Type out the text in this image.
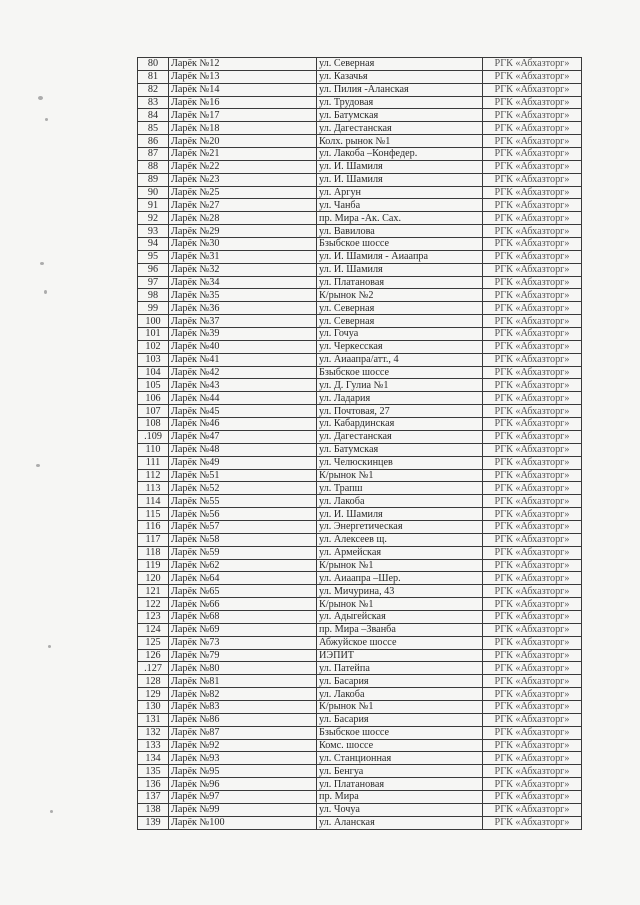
80	Ларёк №12	ул. Северная	РГК «Абхазторг»
81	Ларёк №13	ул. Казачья	РГК «Абхазторг»
82	Ларёк №14	ул. Пилия -Аланская	РГК «Абхазторг»
83	Ларёк №16	ул. Трудовая	РГК «Абхазторг»
84	Ларёк №17	ул. Батумская	РГК «Абхазторг»
85	Ларёк №18	ул. Дагестанская	РГК «Абхазторг»
86	Ларёк №20	Колх. рынок №1	РГК «Абхазторг»
87	Ларёк №21	ул. Лакоба –Конфедер.	РГК «Абхазторг»
88	Ларёк №22	ул. И. Шамиля	РГК «Абхазторг»
89	Ларёк №23	ул. И. Шамиля	РГК «Абхазторг»
90	Ларёк №25	ул. Аргун	РГК «Абхазторг»
91	Ларёк №27	ул. Чанба	РГК «Абхазторг»
92	Ларёк №28	пр. Мира -Ак. Сах.	РГК «Абхазторг»
93	Ларёк №29	ул. Вавилова	РГК «Абхазторг»
94	Ларёк №30	Бзыбское шоссе	РГК «Абхазторг»
95	Ларёк №31	ул. И. Шамиля - Аиаапра	РГК «Абхазторг»
96	Ларёк №32	ул. И. Шамиля	РГК «Абхазторг»
97	Ларёк №34	ул. Платановая	РГК «Абхазторг»
98	Ларёк №35	К/рынок №2	РГК «Абхазторг»
99	Ларёк №36	ул. Северная	РГК «Абхазторг»
100	Ларёк №37	ул. Северная	РГК «Абхазторг»
101	Ларёк №39	ул. Гочуа	РГК «Абхазторг»
102	Ларёк №40	ул. Черкесская	РГК «Абхазторг»
103	Ларёк №41	ул. Аиаапра/атт., 4	РГК «Абхазторг»
104	Ларёк №42	Бзыбское шоссе	РГК «Абхазторг»
105	Ларёк №43	ул. Д. Гулиа №1	РГК «Абхазторг»
106	Ларёк №44	ул. Ладария	РГК «Абхазторг»
107	Ларёк №45	ул. Почтовая, 27	РГК «Абхазторг»
108	Ларёк №46	ул. Кабардинская	РГК «Абхазторг»
.109	Ларёк №47	ул. Дагестанская	РГК «Абхазторг»
110	Ларёк №48	ул. Батумская	РГК «Абхазторг»
111	Ларёк №49	ул. Челюскинцев	РГК «Абхазторг»
112	Ларёк №51	К/рынок №1	РГК «Абхазторг»
113	Ларёк №52	ул. Трапш	РГК «Абхазторг»
114	Ларёк №55	ул. Лакоба	РГК «Абхазторг»
115	Ларёк №56	ул. И. Шамиля	РГК «Абхазторг»
116	Ларёк №57	ул. Энергетическая	РГК «Абхазторг»
117	Ларёк №58	ул. Алексеев щ.	РГК «Абхазторг»
118	Ларёк №59	ул. Армейская	РГК «Абхазторг»
119	Ларёк №62	К/рынок №1	РГК «Абхазторг»
120	Ларёк №64	ул. Аиаапра –Шер.	РГК «Абхазторг»
121	Ларёк №65	ул. Мичурина, 43	РГК «Абхазторг»
122	Ларёк №66	К/рынок №1	РГК «Абхазторг»
123	Ларёк №68	ул. Адыгейская	РГК «Абхазторг»
124	Ларёк №69	пр. Мира –Званба	РГК «Абхазторг»
125	Ларёк №73	Абжуйское шоссе	РГК «Абхазторг»
126	Ларёк №79	ИЭПИТ	РГК «Абхазторг»
.127	Ларёк №80	ул. Патейпа	РГК «Абхазторг»
128	Ларёк №81	ул. Басария	РГК «Абхазторг»
129	Ларёк №82	ул. Лакоба	РГК «Абхазторг»
130	Ларёк №83	К/рынок №1	РГК «Абхазторг»
131	Ларёк №86	ул. Басария	РГК «Абхазторг»
132	Ларёк №87	Бзыбское шоссе	РГК «Абхазторг»
133	Ларёк №92	Комс. шоссе	РГК «Абхазторг»
134	Ларёк №93	ул. Станционная	РГК «Абхазторг»
135	Ларёк №95	ул. Бенгуа	РГК «Абхазторг»
136	Ларёк №96	ул. Платановая	РГК «Абхазторг»
137	Ларёк №97	пр. Мира	РГК «Абхазторг»
138	Ларёк №99	ул. Чочуа	РГК «Абхазторг»
139	Ларёк №100	ул. Аланская	РГК «Абхазторг»
